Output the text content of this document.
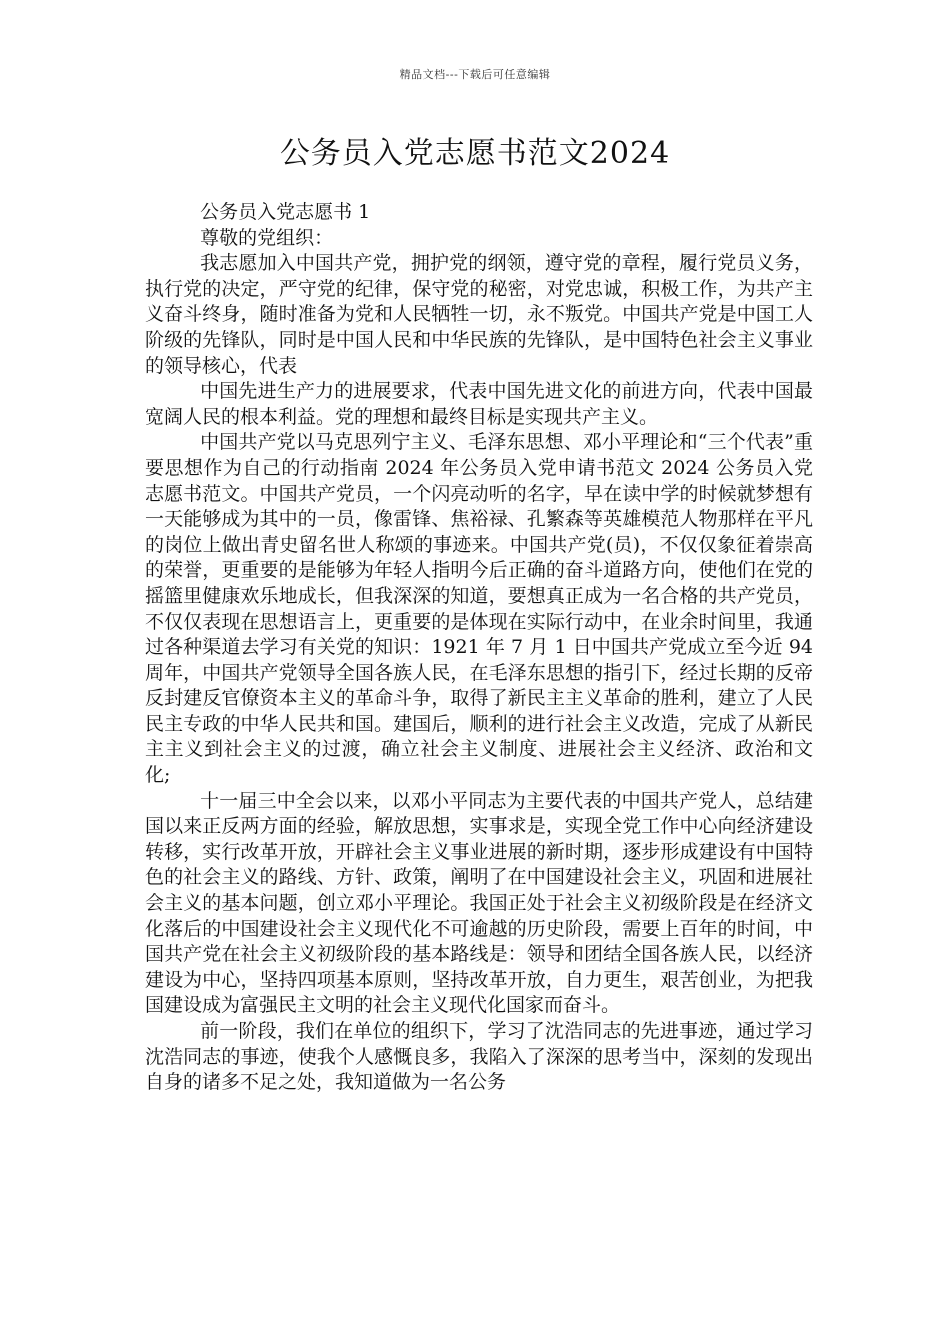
精品文档---下载后可任意编辑
公务员入党志愿书范文2024

公务员入党志愿书 1

尊敬的党组织：

我志愿加入中国共产党，拥护党的纲领，遵守党的章程，履行党员义务，执行党的决定，严守党的纪律，保守党的秘密，对党忠诚，积极工作，为共产主义奋斗终身，随时准备为党和人民牺牲一切，永不叛党。中国共产党是中国工人阶级的先锋队，同时是中国人民和中华民族的先锋队，是中国特色社会主义事业的领导核心，代表

中国先进生产力的进展要求，代表中国先进文化的前进方向，代表中国最宽阔人民的根本利益。党的理想和最终目标是实现共产主义。

中国共产党以马克思列宁主义、毛泽东思想、邓小平理论和“三个代表”重要思想作为自己的行动指南 2024 年公务员入党申请书范文 2024 公务员入党志愿书范文。中国共产党员，一个闪亮动听的名字，早在读中学的时候就梦想有一天能够成为其中的一员，像雷锋、焦裕禄、孔繁森等英雄模范人物那样在平凡的岗位上做出青史留名世人称颂的事迹来。中国共产党(员)，不仅仅象征着崇高的荣誉，更重要的是能够为年轻人指明今后正确的奋斗道路方向，使他们在党的摇篮里健康欢乐地成长，但我深深的知道，要想真正成为一名合格的共产党员，不仅仅表现在思想语言上，更重要的是体现在实际行动中，在业余时间里，我通过各种渠道去学习有关党的知识：1921 年 7 月 1 日中国共产党成立至今近 94 周年，中国共产党领导全国各族人民，在毛泽东思想的指引下，经过长期的反帝反封建反官僚资本主义的革命斗争，取得了新民主主义革命的胜利，建立了人民民主专政的中华人民共和国。建国后，顺利的进行社会主义改造，完成了从新民主主义到社会主义的过渡，确立社会主义制度、进展社会主义经济、政治和文化;

十一届三中全会以来，以邓小平同志为主要代表的中国共产党人，总结建国以来正反两方面的经验，解放思想，实事求是，实现全党工作中心向经济建设转移，实行改革开放，开辟社会主义事业进展的新时期，逐步形成建设有中国特色的社会主义的路线、方针、政策，阐明了在中国建设社会主义，巩固和进展社会主义的基本问题，创立邓小平理论。我国正处于社会主义初级阶段是在经济文化落后的中国建设社会主义现代化不可逾越的历史阶段，需要上百年的时间，中国共产党在社会主义初级阶段的基本路线是：领导和团结全国各族人民，以经济建设为中心，坚持四项基本原则，坚持改革开放，自力更生，艰苦创业，为把我国建设成为富强民主文明的社会主义现代化国家而奋斗。

前一阶段，我们在单位的组织下，学习了沈浩同志的先进事迹，通过学习沈浩同志的事迹，使我个人感慨良多，我陷入了深深的思考当中，深刻的发现出自身的诸多不足之处，我知道做为一名公务
